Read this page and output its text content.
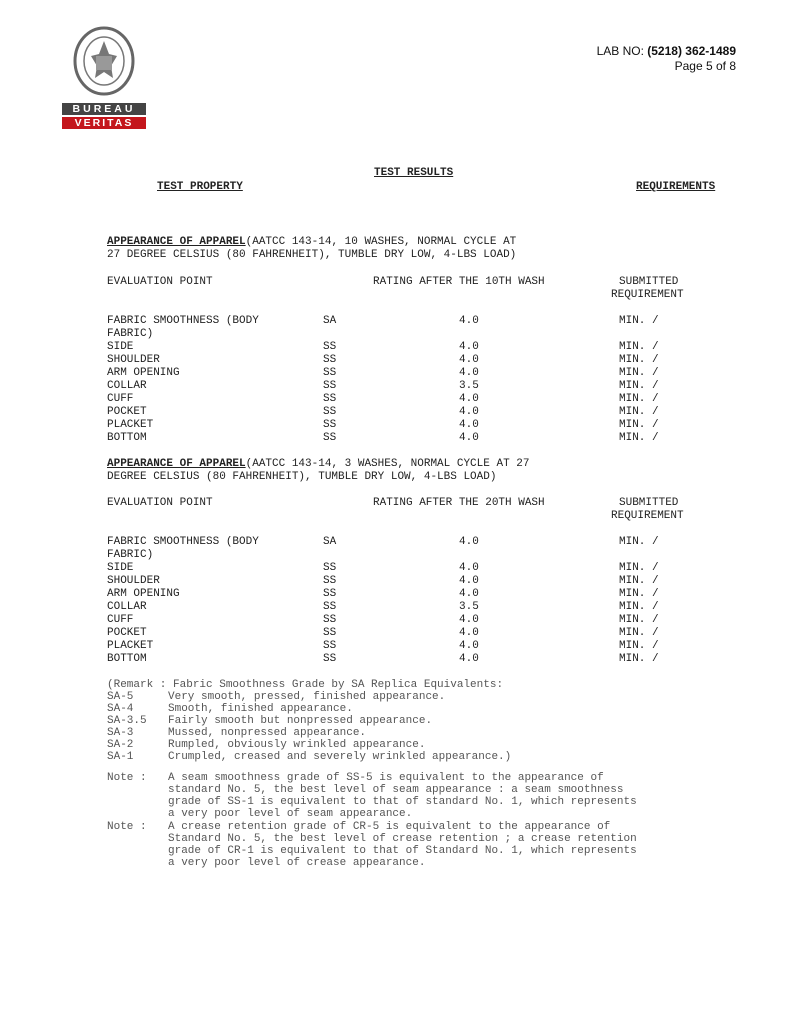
BUREAU
VERITAS
LAB NO: (5218) 362-1489
Page 5 of 8
TEST RESULTS
TEST PROPERTY	REQUIREMENTS
APPEARANCE OF APPAREL(AATCC 143-14, 10 WASHES, NORMAL CYCLE AT
27 DEGREE CELSIUS (80 FAHRENHEIT), TUMBLE DRY LOW, 4-LBS LOAD)
EVALUATION POINT	RATING AFTER THE 10TH WASH	SUBMITTED
REQUIREMENT
FABRIC SMOOTHNESS (BODY	SA	4.0	MIN. /
FABRIC)
SIDE	SS	4.0	MIN. /
SHOULDER	SS	4.0	MIN. /
ARM OPENING	SS	4.0	MIN. /
COLLAR	SS	3.5	MIN. /
CUFF	SS	4.0	MIN. /
POCKET	SS	4.0	MIN. /
PLACKET	SS	4.0	MIN. /
BOTTOM	SS	4.0	MIN. /
APPEARANCE OF APPAREL(AATCC 143-14, 3 WASHES, NORMAL CYCLE AT 27
DEGREE CELSIUS (80 FAHRENHEIT), TUMBLE DRY LOW, 4-LBS LOAD)
EVALUATION POINT	RATING AFTER THE 20TH WASH	SUBMITTED
REQUIREMENT
FABRIC SMOOTHNESS (BODY	SA	4.0	MIN. /
FABRIC)
SIDE	SS	4.0	MIN. /
SHOULDER	SS	4.0	MIN. /
ARM OPENING	SS	4.0	MIN. /
COLLAR	SS	3.5	MIN. /
CUFF	SS	4.0	MIN. /
POCKET	SS	4.0	MIN. /
PLACKET	SS	4.0	MIN. /
BOTTOM	SS	4.0	MIN. /
(Remark : Fabric Smoothness Grade by SA Replica Equivalents:
SA-5	Very smooth, pressed, finished appearance.
SA-4	Smooth, finished appearance.
SA-3.5 Fairly smooth but nonpressed appearance.
SA-3	Mussed, nonpressed appearance.
SA-2	Rumpled, obviously wrinkled appearance.
SA-1	Crumpled, creased and severely wrinkled appearance.)
Note : A seam smoothness grade of SS-5 is equivalent to the appearance of
standard No. 5, the best level of seam appearance : a seam smoothness
grade of SS-1 is equivalent to that of standard No. 1, which represents
a very poor level of seam appearance.
Note : A crease retention grade of CR-5 is equivalent to the appearance of
Standard No. 5, the best level of crease retention ; a crease retention
grade of CR-1 is equivalent to that of Standard No. 1, which represents
a very poor level of crease appearance.
